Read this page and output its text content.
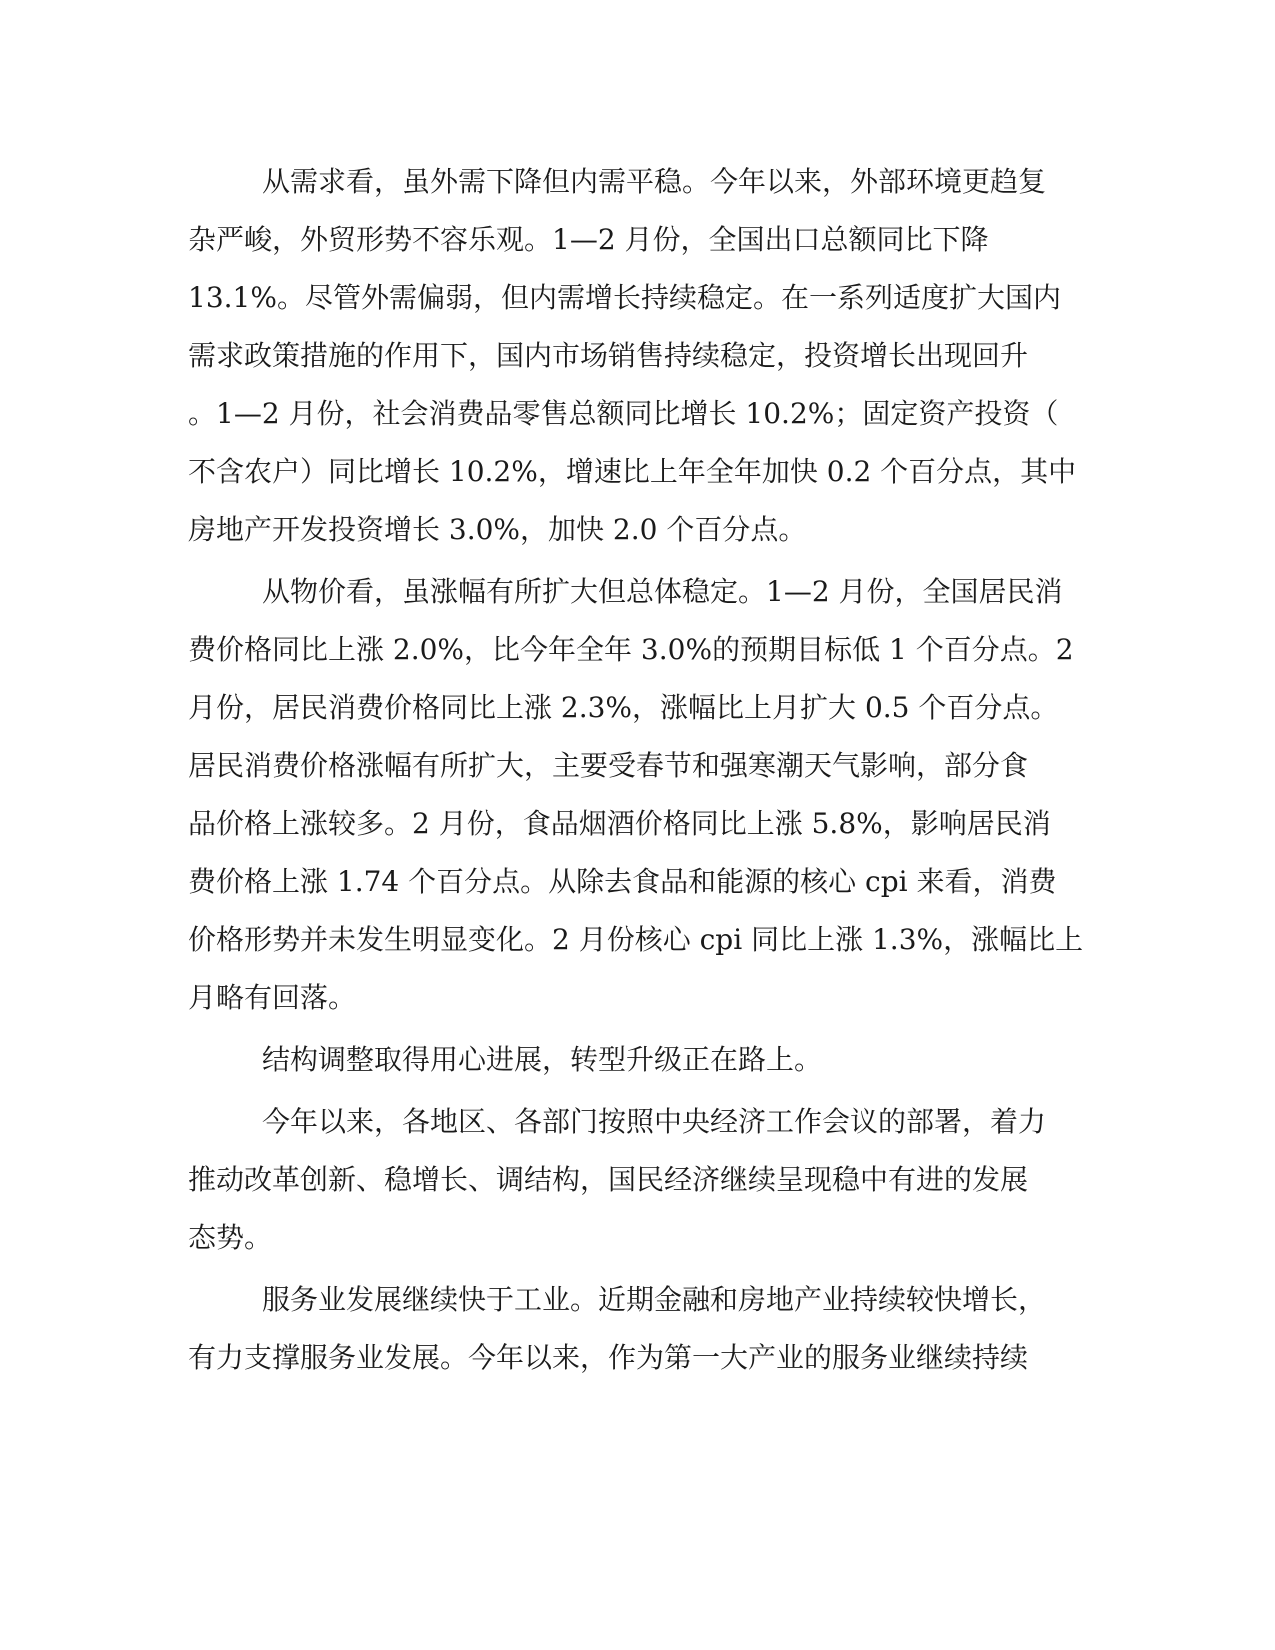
从需求看，虽外需下降但内需平稳。今年以来，外部环境更趋复

杂严峻，外贸形势不容乐观。1—2 月份，全国出口总额同比下降

13.1%。尽管外需偏弱，但内需增长持续稳定。在一系列适度扩大国内

需求政策措施的作用下，国内市场销售持续稳定，投资增长出现回升

。1—2 月份，社会消费品零售总额同比增长 10.2%；固定资产投资（

不含农户）同比增长 10.2%，增速比上年全年加快 0.2 个百分点，其中

房地产开发投资增长 3.0%，加快 2.0 个百分点。

从物价看，虽涨幅有所扩大但总体稳定。1—2 月份，全国居民消

费价格同比上涨 2.0%，比今年全年 3.0%的预期目标低 1 个百分点。2

月份，居民消费价格同比上涨 2.3%，涨幅比上月扩大 0.5 个百分点。

居民消费价格涨幅有所扩大，主要受春节和强寒潮天气影响，部分食

品价格上涨较多。2 月份，食品烟酒价格同比上涨 5.8%，影响居民消

费价格上涨 1.74 个百分点。从除去食品和能源的核心 cpi 来看，消费

价格形势并未发生明显变化。2 月份核心 cpi 同比上涨 1.3%，涨幅比上

月略有回落。

结构调整取得用心进展，转型升级正在路上。

今年以来，各地区、各部门按照中央经济工作会议的部署，着力

推动改革创新、稳增长、调结构，国民经济继续呈现稳中有进的发展

态势。

服务业发展继续快于工业。近期金融和房地产业持续较快增长，

有力支撑服务业发展。今年以来，作为第一大产业的服务业继续持续
